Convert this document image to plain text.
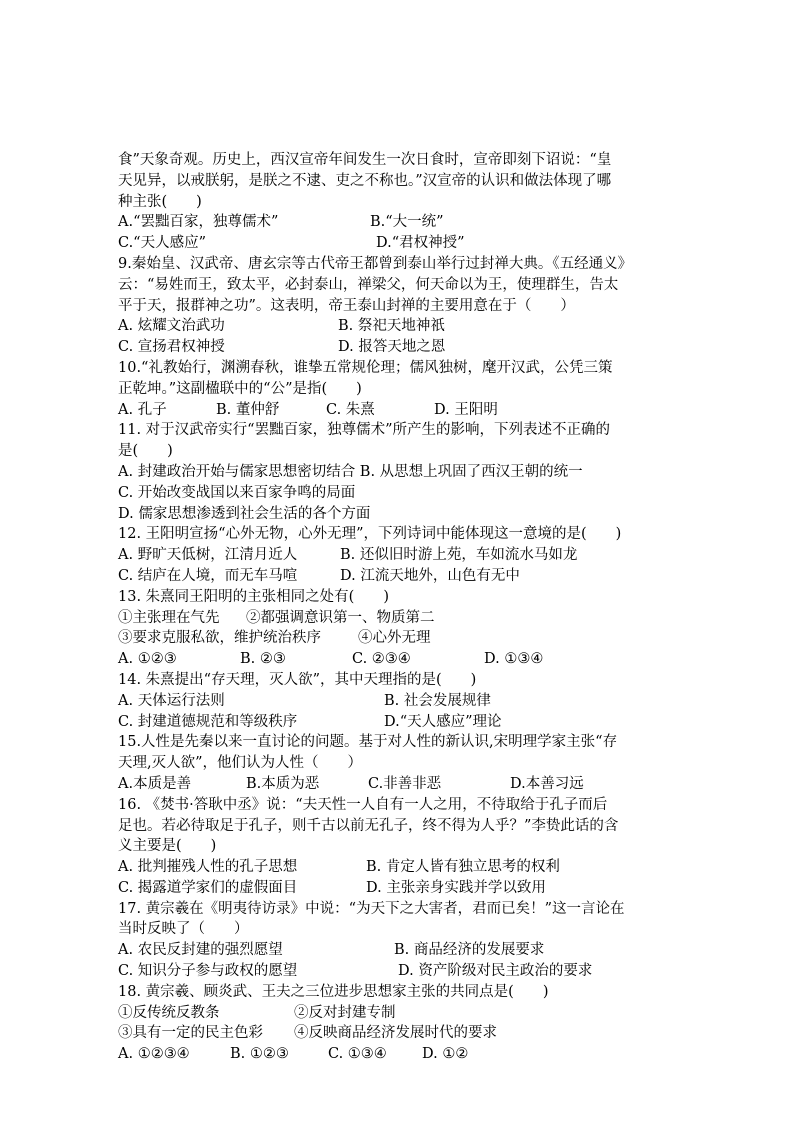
食”天象奇观。历史上，西汉宣帝年间发生一次日食时，宣帝即刻下诏说：“皇
天见异，以戒朕躬，是朕之不逮、吏之不称也。”汉宣帝的认识和做法体现了哪
种主张(　　)
A.“罢黜百家，独尊儒术”	B.“大一统”
C.“天人感应”	D.“君权神授”
9.秦始皇、汉武帝、唐玄宗等古代帝王都曾到泰山举行过封禅大典。《五经通义》
云：“易姓而王，致太平，必封泰山，禅梁父，何天命以为王，使理群生，告太
平于天，报群神之功”。这表明，帝王泰山封禅的主要用意在于（　　）
A. 炫耀文治武功	B. 祭祀天地神祇
C. 宣扬君权神授	D. 报答天地之恩
10.“礼教始行，渊溯春秋，谁挚五常规伦理；儒风独树，麾开汉武，公凭三策
正乾坤。”这副楹联中的“公”是指(　　)
A. 孔子	B. 董仲舒	C. 朱熹	D. 王阳明
11. 对于汉武帝实行“罢黜百家，独尊儒术”所产生的影响，下列表述不正确的
是(　　)
A. 封建政治开始与儒家思想密切结合 B. 从思想上巩固了西汉王朝的统一
C. 开始改变战国以来百家争鸣的局面
D. 儒家思想渗透到社会生活的各个方面
12. 王阳明宣扬“心外无物，心外无理”，下列诗词中能体现这一意境的是(　　)
A. 野旷天低树，江清月近人	B. 还似旧时游上苑，车如流水马如龙
C. 结庐在人境，而无车马喧	D. 江流天地外，山色有无中
13. 朱熹同王阳明的主张相同之处有(　　)
①主张理在气先 ②都强调意识第一、物质第二
③要求克服私欲，维护统治秩序	④心外无理
A. ①②③	B. ②③	C. ②③④	D. ①③④
14. 朱熹提出“存天理，灭人欲”，其中天理指的是(　　)
A. 天体运行法则	B. 社会发展规律
C. 封建道德规范和等级秩序	D.“天人感应”理论
15.人性是先秦以来一直讨论的问题。基于对人性的新认识,宋明理学家主张“存
天理,灭人欲”，他们认为人性（　　）
A.本质是善	B.本质为恶	C.非善非恶	D.本善习远
16. 《焚书·答耿中丞》说：“夫天性一人自有一人之用，不待取给于孔子而后
足也。若必待取足于孔子，则千古以前无孔子，终不得为人乎？”李贽此话的含
义主要是(　　)
A. 批判摧残人性的孔子思想	B. 肯定人皆有独立思考的权利
C. 揭露道学家们的虚假面目	D. 主张亲身实践并学以致用
17. 黄宗羲在《明夷待访录》中说：“为天下之大害者，君而已矣！”这一言论在
当时反映了（　　）
A. 农民反封建的强烈愿望	B. 商品经济的发展要求
C. 知识分子参与政权的愿望	D. 资产阶级对民主政治的要求
18. 黄宗羲、顾炎武、王夫之三位进步思想家主张的共同点是(　　)
①反传统反教条	②反对封建专制
③具有一定的民主色彩 ④反映商品经济发展时代的要求
A. ①②③④	B. ①②③	C. ①③④ D. ①②
